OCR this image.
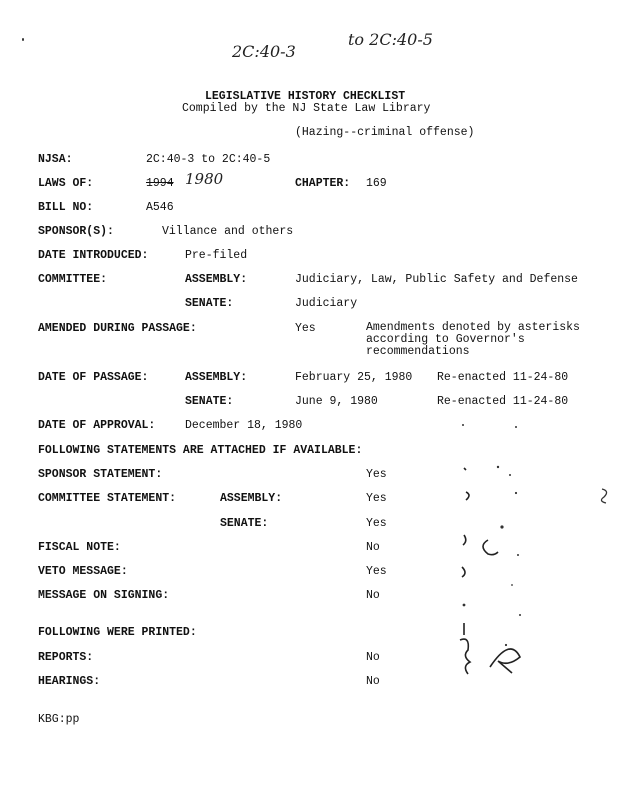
2C:40-3
to 2C:40-5
LEGISLATIVE HISTORY CHECKLIST
Compiled by the NJ State Law Library
(Hazing--criminal offense)
NJSA:	2C:40-3 to 2C:40-5
LAWS OF:	1994 1980	CHAPTER: 169
BILL NO:	A546
SPONSOR(S):	Villance and others
DATE INTRODUCED:	Pre-filed
COMMITTEE:	ASSEMBLY:	Judiciary, Law, Public Safety and Defense
SENATE:	Judiciary
AMENDED DURING PASSAGE:	Yes	Amendments denoted by asterisks according to Governor's recommendations
DATE OF PASSAGE:	ASSEMBLY:	February 25, 1980 Re-enacted 11-24-80
SENATE:	June 9, 1980	Re-enacted 11-24-80
DATE OF APPROVAL:	December 18, 1980
FOLLOWING STATEMENTS ARE ATTACHED IF AVAILABLE:
SPONSOR STATEMENT:	Yes
COMMITTEE STATEMENT:	ASSEMBLY:	Yes
SENATE:	Yes
FISCAL NOTE:	No
VETO MESSAGE:	Yes
MESSAGE ON SIGNING:	No
FOLLOWING WERE PRINTED:
REPORTS:	No
HEARINGS:	No
KBG:pp
